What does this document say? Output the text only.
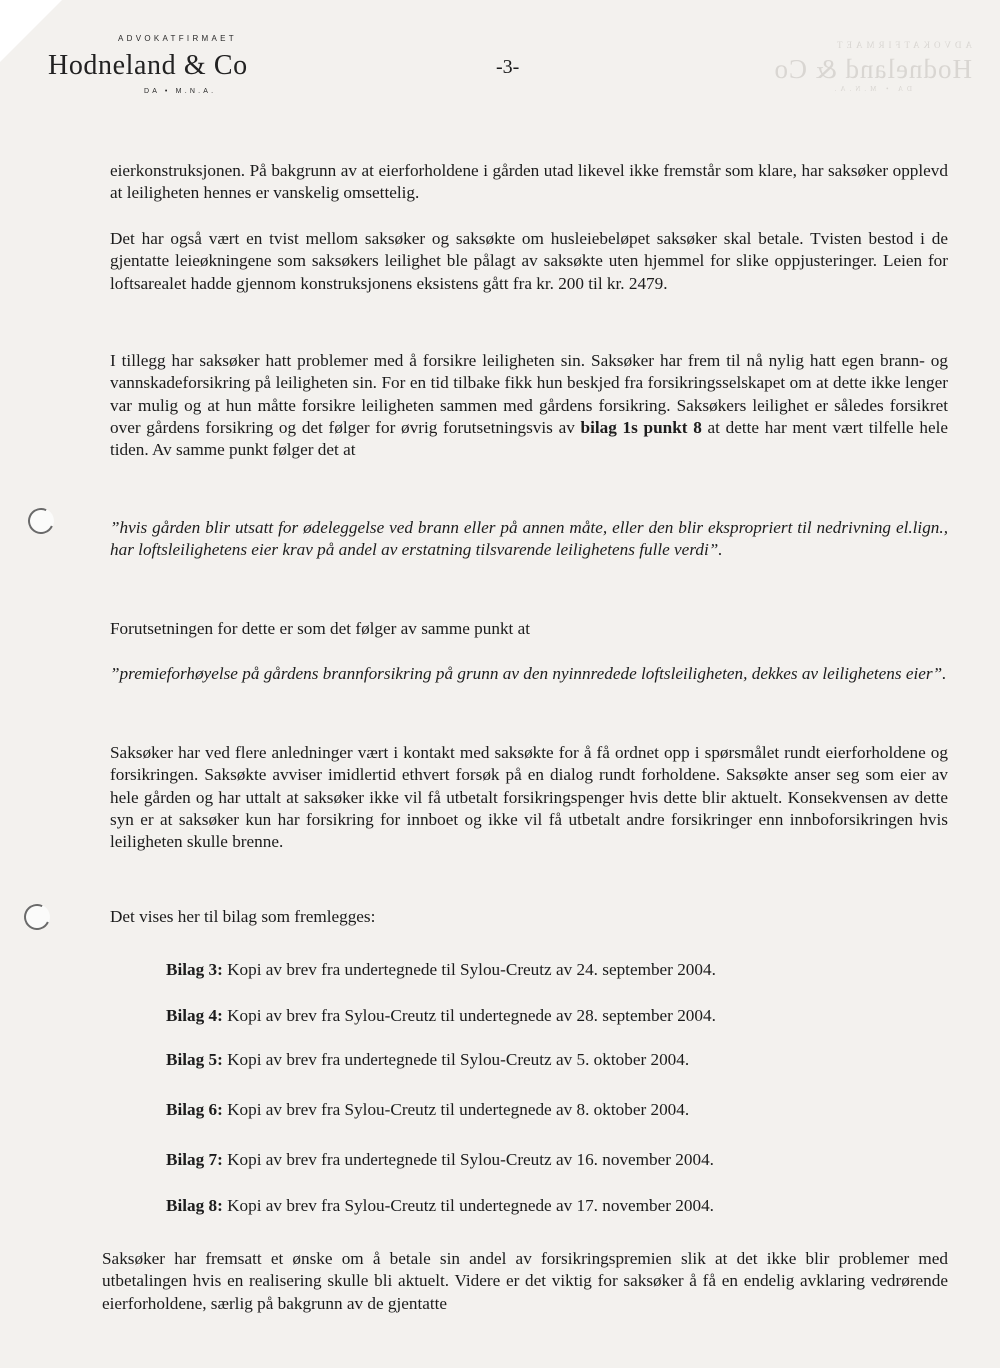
ADVOKATFIRMAET
Hodneland & Co
DA • M.N.A.
ADVOKATFIRMAET
Hodneland & Co
DA • M.N.A.
-3-
eierkonstruksjonen. På bakgrunn av at eierforholdene i gården utad likevel ikke fremstår som klare, har saksøker opplevd at leiligheten hennes er vanskelig omsettelig.
Det har også vært en tvist mellom saksøker og saksøkte om husleiebeløpet saksøker skal betale. Tvisten bestod i de gjentatte leieøkningene som saksøkers leilighet ble pålagt av saksøkte uten hjemmel for slike oppjusteringer. Leien for loftsarealet hadde gjennom konstruksjonens eksistens gått fra kr. 200 til kr. 2479.
I tillegg har saksøker hatt problemer med å forsikre leiligheten sin. Saksøker har frem til nå nylig hatt egen brann- og vannskadeforsikring på leiligheten sin. For en tid tilbake fikk hun beskjed fra forsikringsselskapet om at dette ikke lenger var mulig og at hun måtte forsikre leiligheten sammen med gårdens forsikring. Saksøkers leilighet er således forsikret over gårdens forsikring og det følger for øvrig forutsetningsvis av bilag 1s punkt 8 at dette har ment vært tilfelle hele tiden. Av samme punkt følger det at
”hvis gården blir utsatt for ødeleggelse ved brann eller på annen måte, eller den blir ekspropriert til nedrivning el.lign., har loftsleilighetens eier krav på andel av erstatning tilsvarende leilighetens fulle verdi”.
Forutsetningen for dette er som det følger av samme punkt at
”premieforhøyelse på gårdens brannforsikring på grunn av den nyinnredede loftsleiligheten, dekkes av leilighetens eier”.
Saksøker har ved flere anledninger vært i kontakt med saksøkte for å få ordnet opp i spørsmålet rundt eierforholdene og forsikringen. Saksøkte avviser imidlertid ethvert forsøk på en dialog rundt forholdene. Saksøkte anser seg som eier av hele gården og har uttalt at saksøker ikke vil få utbetalt forsikringspenger hvis dette blir aktuelt. Konsekvensen av dette syn er at saksøker kun har forsikring for innboet og ikke vil få utbetalt andre forsikringer enn innboforsikringen hvis leiligheten skulle brenne.
Det vises her til bilag som fremlegges:
Bilag 3: Kopi av brev fra undertegnede til Sylou-Creutz av 24. september 2004.
Bilag 4: Kopi av brev fra Sylou-Creutz til undertegnede av 28. september 2004.
Bilag 5: Kopi av brev fra undertegnede til Sylou-Creutz av 5. oktober 2004.
Bilag 6: Kopi av brev fra Sylou-Creutz til undertegnede av 8. oktober 2004.
Bilag 7: Kopi av brev fra undertegnede til Sylou-Creutz av 16. november 2004.
Bilag 8: Kopi av brev fra Sylou-Creutz til undertegnede av 17. november 2004.
Saksøker har fremsatt et ønske om å betale sin andel av forsikringspremien slik at det ikke blir problemer med utbetalingen hvis en realisering skulle bli aktuelt. Videre er det viktig for saksøker å få en endelig avklaring vedrørende eierforholdene, særlig på bakgrunn av de gjentatte
